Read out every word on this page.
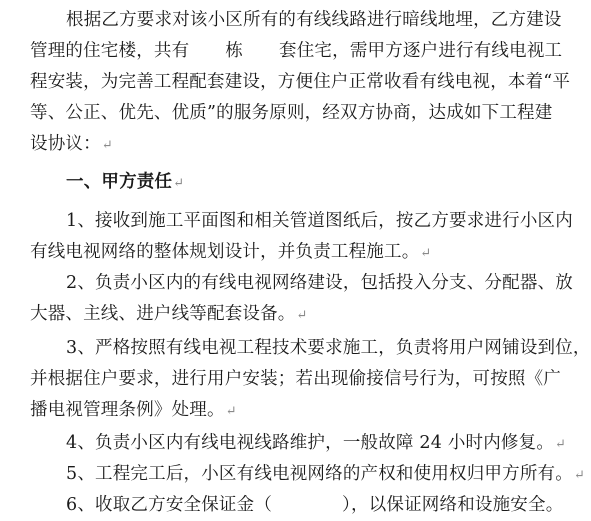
根据乙方要求对该小区所有的有线线路进行暗线地埋，乙方建设
管理的住宅楼，共有 栋 套住宅，需甲方逐户进行有线电视工
程安装，为完善工程配套建设，方便住户正常收看有线电视，本着“平
等、公正、优先、优质”的服务原则，经双方协商，达成如下工程建
设协议：↵
一、甲方责任↵
1、接收到施工平面图和相关管道图纸后，按乙方要求进行小区内
有线电视网络的整体规划设计，并负责工程施工。↵
2、负责小区内的有线电视网络建设，包括投入分支、分配器、放
大器、主线、进户线等配套设备。↵
3、严格按照有线电视工程技术要求施工，负责将用户网铺设到位，
并根据住户要求，进行用户安装；若出现偷接信号行为，可按照《广
播电视管理条例》处理。↵
4、负责小区内有线电视线路维护，一般故障 24 小时内修复。↵
5、工程完工后，小区有线电视网络的产权和使用权归甲方所有。↵
6、收取乙方安全保证金（	），以保证网络和设施安全。
